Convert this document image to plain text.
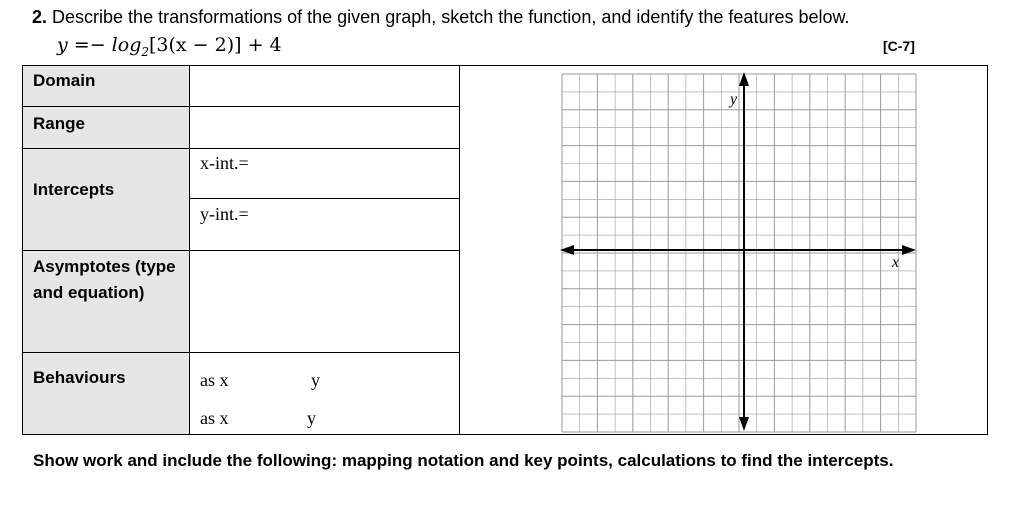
2. Describe the transformations of the given graph, sketch the function, and identify the features below.
$y =- \log_2[3(x - 2)] + 4$	[C-7]
Domain
Range
Intercepts
x-int.=
y-int.=
Asymptotes (type and equation)
Behaviours	as x	y
as x	y
y
x
Show work and include the following: mapping notation and key points, calculations to find the intercepts.
